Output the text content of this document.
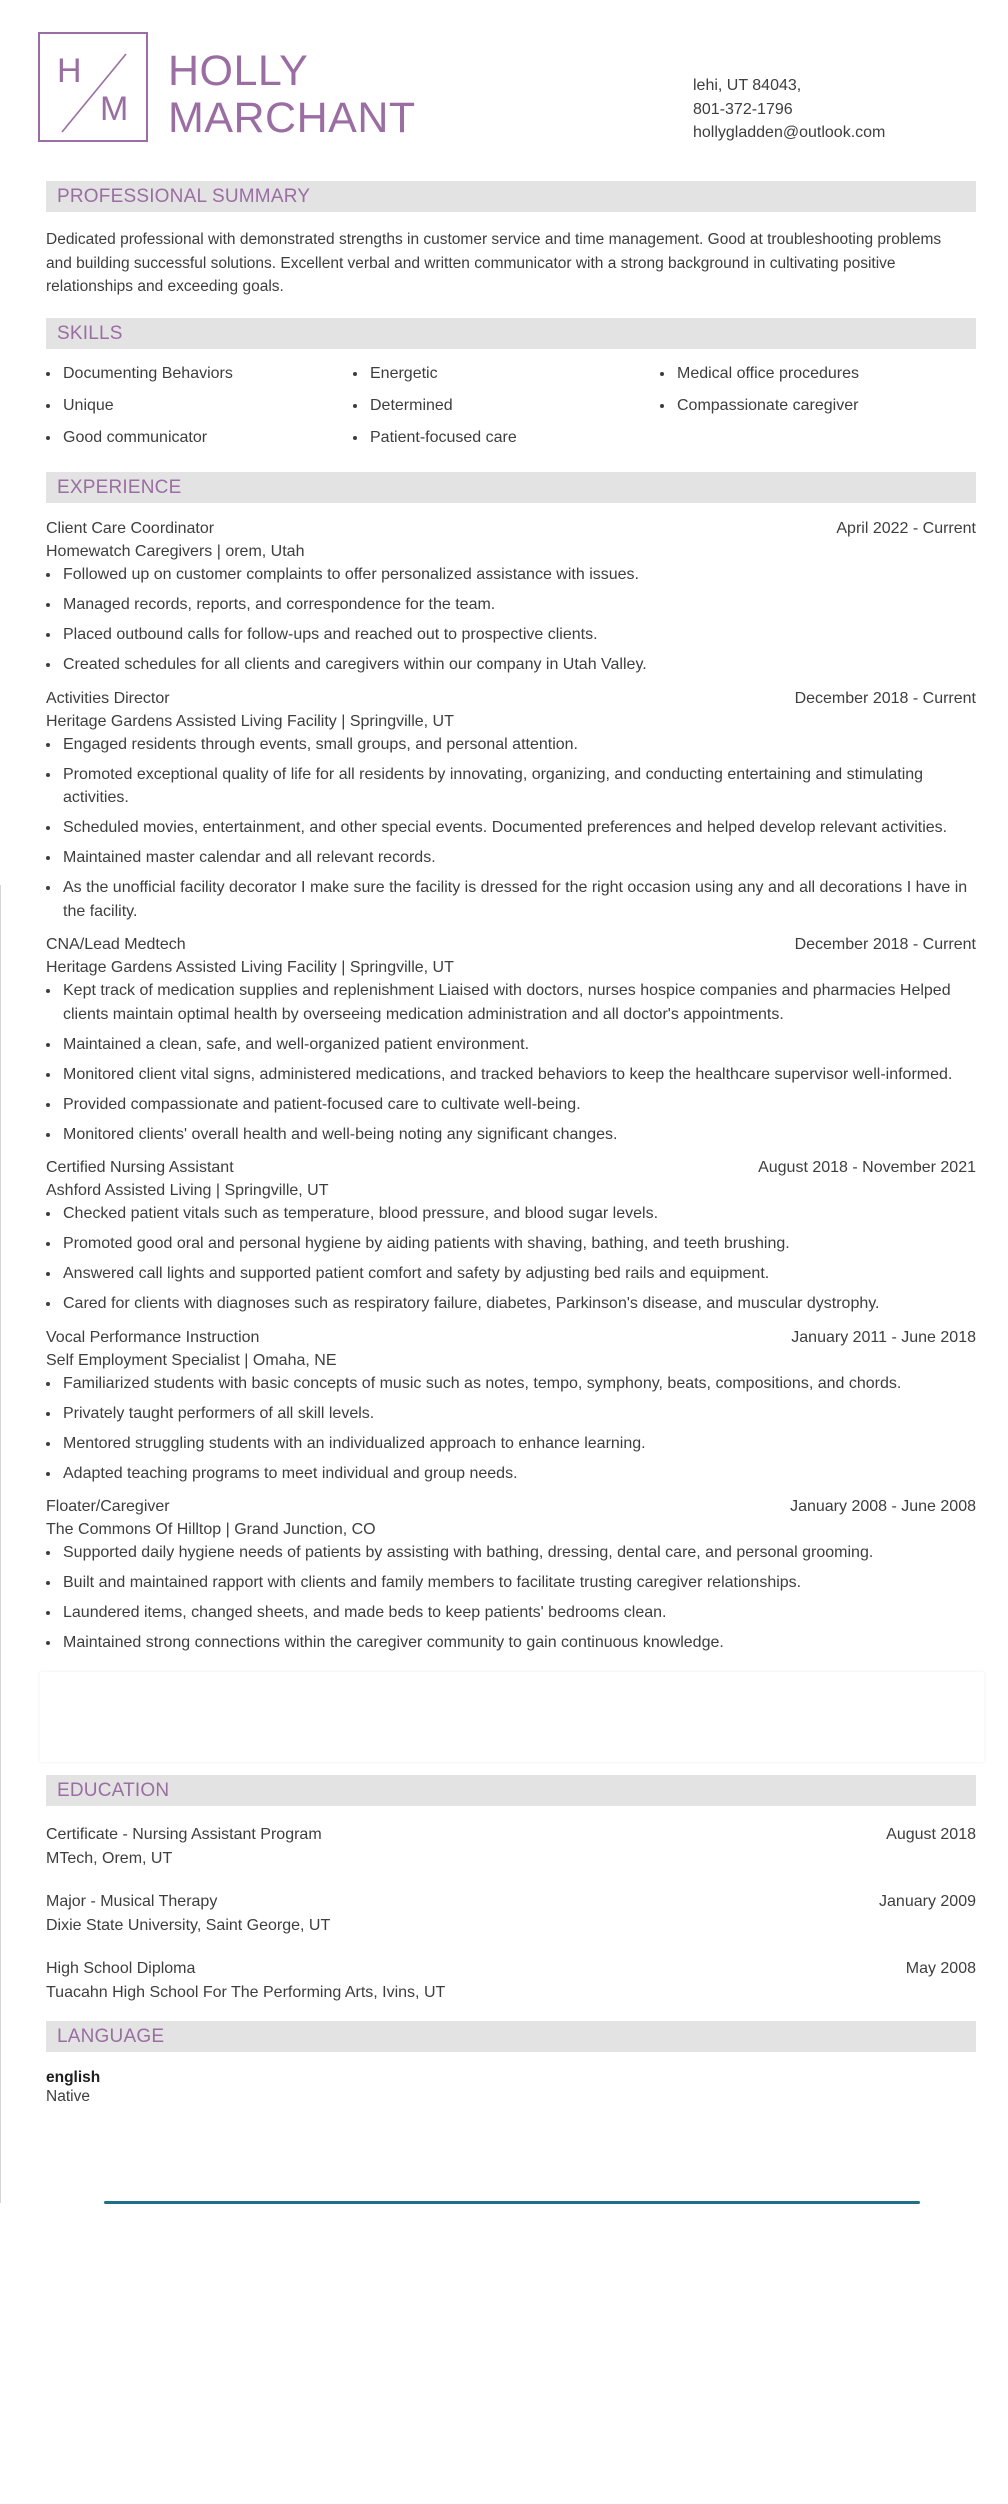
H
M
HOLLY
MARCHANT
lehi, UT 84043,
801-372-1796
hollygladden@outlook.com
PROFESSIONAL SUMMARY
Dedicated professional with demonstrated strengths in customer service and time management. Good at troubleshooting problems and building successful solutions. Excellent verbal and written communicator with a strong background in cultivating positive relationships and exceeding goals.
SKILLS
Documenting Behaviors	Energetic	Medical office procedures
Unique	Determined	Compassionate caregiver
Good communicator	Patient-focused care
EXPERIENCE
Client Care Coordinator	April 2022 - Current
Homewatch Caregivers | orem, Utah
Followed up on customer complaints to offer personalized assistance with issues.
Managed records, reports, and correspondence for the team.
Placed outbound calls for follow-ups and reached out to prospective clients.
Created schedules for all clients and caregivers within our company in Utah Valley.
Activities Director	December 2018 - Current
Heritage Gardens Assisted Living Facility | Springville, UT
Engaged residents through events, small groups, and personal attention.
Promoted exceptional quality of life for all residents by innovating, organizing, and conducting entertaining and stimulating activities.
Scheduled movies, entertainment, and other special events. Documented preferences and helped develop relevant activities.
Maintained master calendar and all relevant records.
As the unofficial facility decorator I make sure the facility is dressed for the right occasion using any and all decorations I have in the facility.
CNA/Lead Medtech	December 2018 - Current
Heritage Gardens Assisted Living Facility | Springville, UT
Kept track of medication supplies and replenishment Liaised with doctors, nurses hospice companies and pharmacies Helped clients maintain optimal health by overseeing medication administration and all doctor's appointments.
Maintained a clean, safe, and well-organized patient environment.
Monitored client vital signs, administered medications, and tracked behaviors to keep the healthcare supervisor well-informed.
Provided compassionate and patient-focused care to cultivate well-being.
Monitored clients' overall health and well-being noting any significant changes.
Certified Nursing Assistant	August 2018 - November 2021
Ashford Assisted Living | Springville, UT
Checked patient vitals such as temperature, blood pressure, and blood sugar levels.
Promoted good oral and personal hygiene by aiding patients with shaving, bathing, and teeth brushing.
Answered call lights and supported patient comfort and safety by adjusting bed rails and equipment.
Cared for clients with diagnoses such as respiratory failure, diabetes, Parkinson's disease, and muscular dystrophy.
Vocal Performance Instruction	January 2011 - June 2018
Self Employment Specialist | Omaha, NE
Familiarized students with basic concepts of music such as notes, tempo, symphony, beats, compositions, and chords.
Privately taught performers of all skill levels.
Mentored struggling students with an individualized approach to enhance learning.
Adapted teaching programs to meet individual and group needs.
Floater/Caregiver	January 2008 - June 2008
The Commons Of Hilltop | Grand Junction, CO
Supported daily hygiene needs of patients by assisting with bathing, dressing, dental care, and personal grooming.
Built and maintained rapport with clients and family members to facilitate trusting caregiver relationships.
Laundered items, changed sheets, and made beds to keep patients' bedrooms clean.
Maintained strong connections within the caregiver community to gain continuous knowledge.
EDUCATION
Certificate - Nursing Assistant Program	August 2018
MTech, Orem, UT
Major - Musical Therapy	January 2009
Dixie State University, Saint George, UT
High School Diploma	May 2008
Tuacahn High School For The Performing Arts, Ivins, UT
LANGUAGE
english
Native
